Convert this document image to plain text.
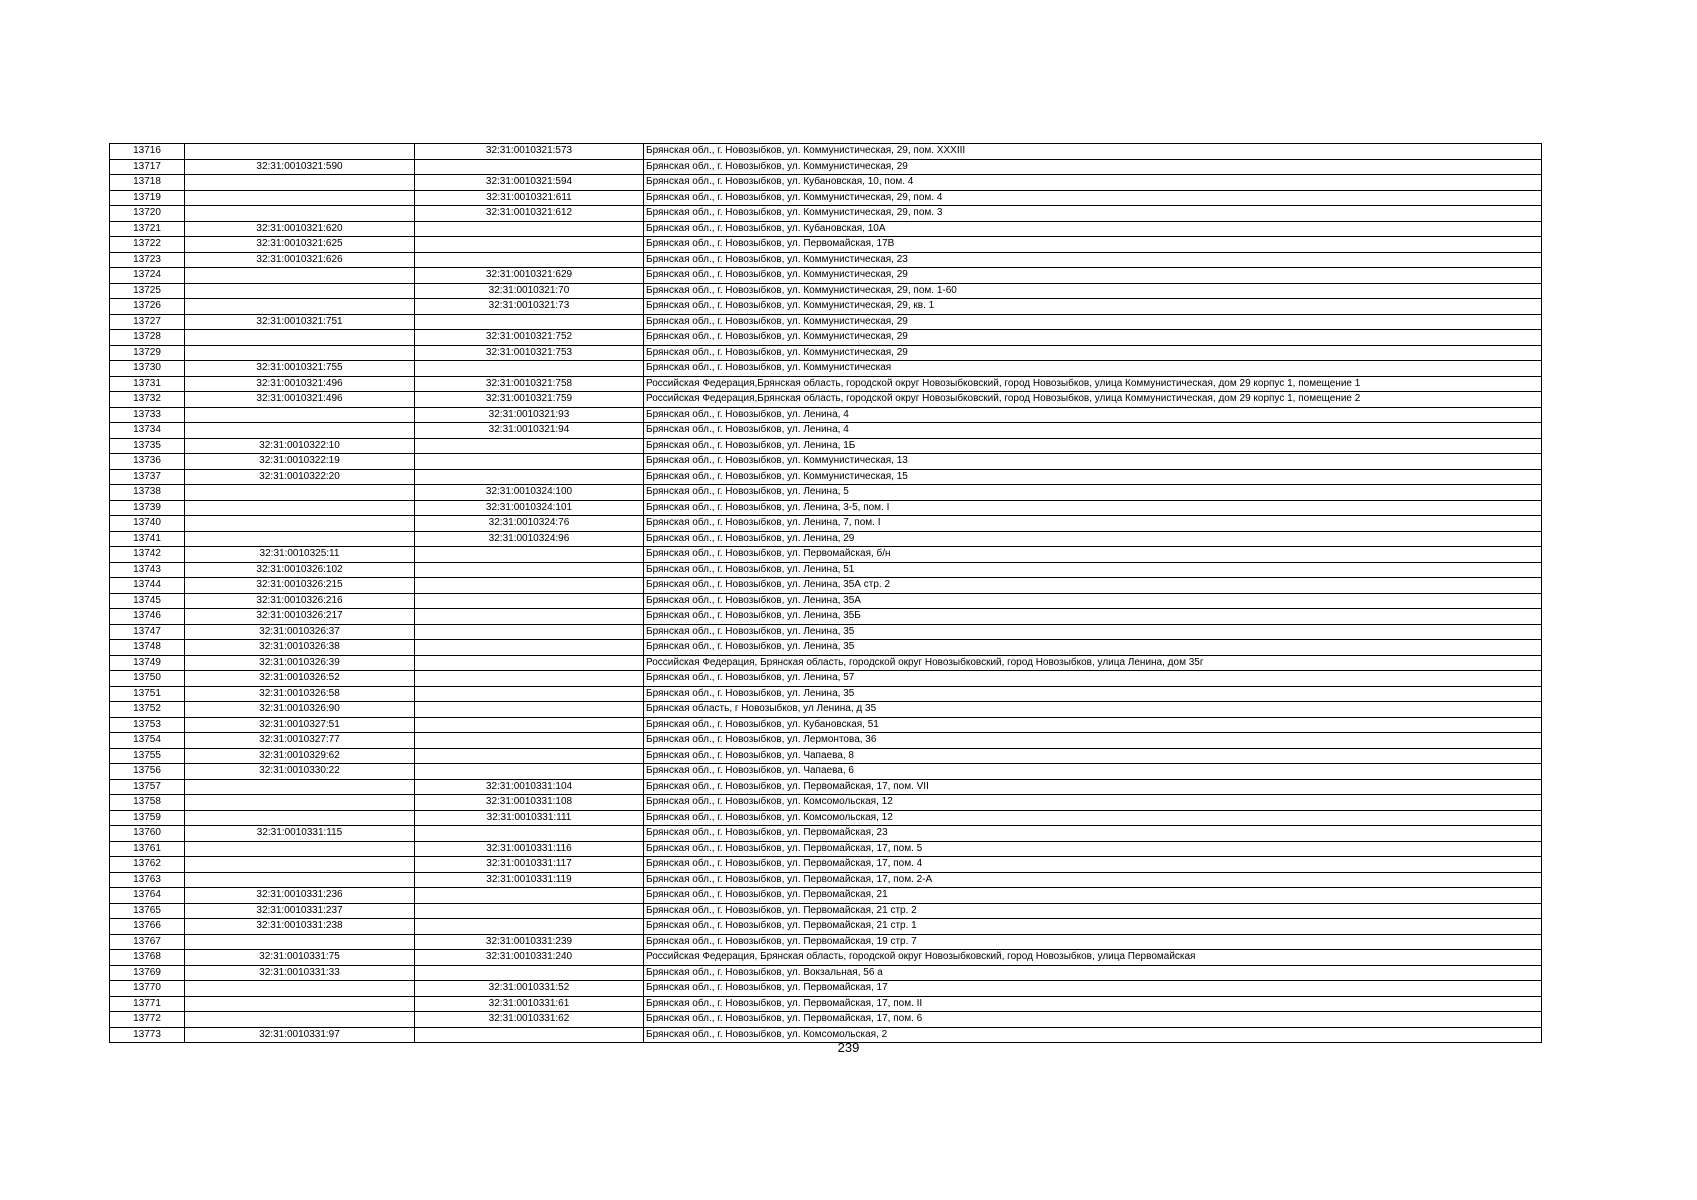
13716		32:31:0010321:573	Брянская обл., г. Новозыбков, ул. Коммунистическая, 29, пом. XXXIII
13717	32:31:0010321:590		Брянская обл., г. Новозыбков, ул. Коммунистическая, 29
13718		32:31:0010321:594	Брянская обл., г. Новозыбков, ул. Кубановская, 10, пом. 4
13719		32:31:0010321:611	Брянская обл., г. Новозыбков, ул. Коммунистическая, 29, пом. 4
13720		32:31:0010321:612	Брянская обл., г. Новозыбков, ул. Коммунистическая, 29, пом. 3
13721	32:31:0010321:620		Брянская обл., г. Новозыбков, ул. Кубановская, 10А
13722	32:31:0010321:625		Брянская обл., г. Новозыбков, ул. Первомайская, 17В
13723	32:31:0010321:626		Брянская обл., г. Новозыбков, ул. Коммунистическая, 23
13724		32:31:0010321:629	Брянская обл., г. Новозыбков, ул. Коммунистическая, 29
13725		32:31:0010321:70	Брянская обл., г. Новозыбков, ул. Коммунистическая, 29, пом. 1-60
13726		32:31:0010321:73	Брянская обл., г. Новозыбков, ул. Коммунистическая, 29, кв. 1
13727	32:31:0010321:751		Брянская обл., г. Новозыбков, ул. Коммунистическая, 29
13728		32:31:0010321:752	Брянская обл., г. Новозыбков, ул. Коммунистическая, 29
13729		32:31:0010321:753	Брянская обл., г. Новозыбков, ул. Коммунистическая, 29
13730	32:31:0010321:755		Брянская обл., г. Новозыбков, ул. Коммунистическая
13731	32:31:0010321:496	32:31:0010321:758	Российская Федерация,Брянская область, городской округ Новозыбковский, город Новозыбков, улица Коммунистическая, дом 29 корпус 1, помещение 1
13732	32:31:0010321:496	32:31:0010321:759	Российская Федерация,Брянская область, городской округ Новозыбковский, город Новозыбков, улица Коммунистическая, дом 29 корпус 1, помещение 2
13733		32:31:0010321:93	Брянская обл., г. Новозыбков, ул. Ленина, 4
13734		32:31:0010321:94	Брянская обл., г. Новозыбков, ул. Ленина, 4
13735	32:31:0010322:10		Брянская обл., г. Новозыбков, ул. Ленина, 1Б
13736	32:31:0010322:19		Брянская обл., г. Новозыбков, ул. Коммунистическая, 13
13737	32:31:0010322:20		Брянская обл., г. Новозыбков, ул. Коммунистическая, 15
13738		32:31:0010324:100	Брянская обл., г. Новозыбков, ул. Ленина, 5
13739		32:31:0010324:101	Брянская обл., г. Новозыбков, ул. Ленина, 3-5, пом. I
13740		32:31:0010324:76	Брянская обл., г. Новозыбков, ул. Ленина, 7, пом. I
13741		32:31:0010324:96	Брянская обл., г. Новозыбков, ул. Ленина, 29
13742	32:31:0010325:11		Брянская обл., г. Новозыбков, ул. Первомайская, б/н
13743	32:31:0010326:102		Брянская обл., г. Новозыбков, ул. Ленина, 51
13744	32:31:0010326:215		Брянская обл., г. Новозыбков, ул. Ленина, 35А стр. 2
13745	32:31:0010326:216		Брянская обл., г. Новозыбков, ул. Ленина, 35А
13746	32:31:0010326:217		Брянская обл., г. Новозыбков, ул. Ленина, 35Б
13747	32:31:0010326:37		Брянская обл., г. Новозыбков, ул. Ленина, 35
13748	32:31:0010326:38		Брянская обл., г. Новозыбков, ул. Ленина, 35
13749	32:31:0010326:39		Российская Федерация, Брянская область, городской округ Новозыбковский, город Новозыбков, улица Ленина, дом 35г
13750	32:31:0010326:52		Брянская обл., г. Новозыбков, ул. Ленина, 57
13751	32:31:0010326:58		Брянская обл., г. Новозыбков, ул. Ленина, 35
13752	32:31:0010326:90		Брянская область, г Новозыбков, ул Ленина, д 35
13753	32:31:0010327:51		Брянская обл., г. Новозыбков, ул. Кубановская, 51
13754	32:31:0010327:77		Брянская обл., г. Новозыбков, ул. Лермонтова, 36
13755	32:31:0010329:62		Брянская обл., г. Новозыбков, ул. Чапаева, 8
13756	32:31:0010330:22		Брянская обл., г. Новозыбков, ул. Чапаева, 6
13757		32:31:0010331:104	Брянская обл., г. Новозыбков, ул. Первомайская, 17, пом. VII
13758		32:31:0010331:108	Брянская обл., г. Новозыбков, ул. Комсомольская, 12
13759		32:31:0010331:111	Брянская обл., г. Новозыбков, ул. Комсомольская, 12
13760	32:31:0010331:115		Брянская обл., г. Новозыбков, ул. Первомайская, 23
13761		32:31:0010331:116	Брянская обл., г. Новозыбков, ул. Первомайская, 17, пом. 5
13762		32:31:0010331:117	Брянская обл., г. Новозыбков, ул. Первомайская, 17, пом. 4
13763		32:31:0010331:119	Брянская обл., г. Новозыбков, ул. Первомайская, 17, пом. 2-А
13764	32:31:0010331:236		Брянская обл., г. Новозыбков, ул. Первомайская, 21
13765	32:31:0010331:237		Брянская обл., г. Новозыбков, ул. Первомайская, 21 стр. 2
13766	32:31:0010331:238		Брянская обл., г. Новозыбков, ул. Первомайская, 21 стр. 1
13767		32:31:0010331:239	Брянская обл., г. Новозыбков, ул. Первомайская, 19 стр. 7
13768	32:31:0010331:75	32:31:0010331:240	Российская Федерация, Брянская область, городской округ Новозыбковский, город Новозыбков, улица Первомайская
13769	32:31:0010331:33		Брянская обл., г. Новозыбков, ул. Вокзальная, 56 а
13770		32:31:0010331:52	Брянская обл., г. Новозыбков, ул. Первомайская, 17
13771		32:31:0010331:61	Брянская обл., г. Новозыбков, ул. Первомайская, 17, пом. II
13772		32:31:0010331:62	Брянская обл., г. Новозыбков, ул. Первомайская, 17, пом. 6
13773	32:31:0010331:97		Брянская обл., г. Новозыбков, ул. Комсомольская, 2
239
